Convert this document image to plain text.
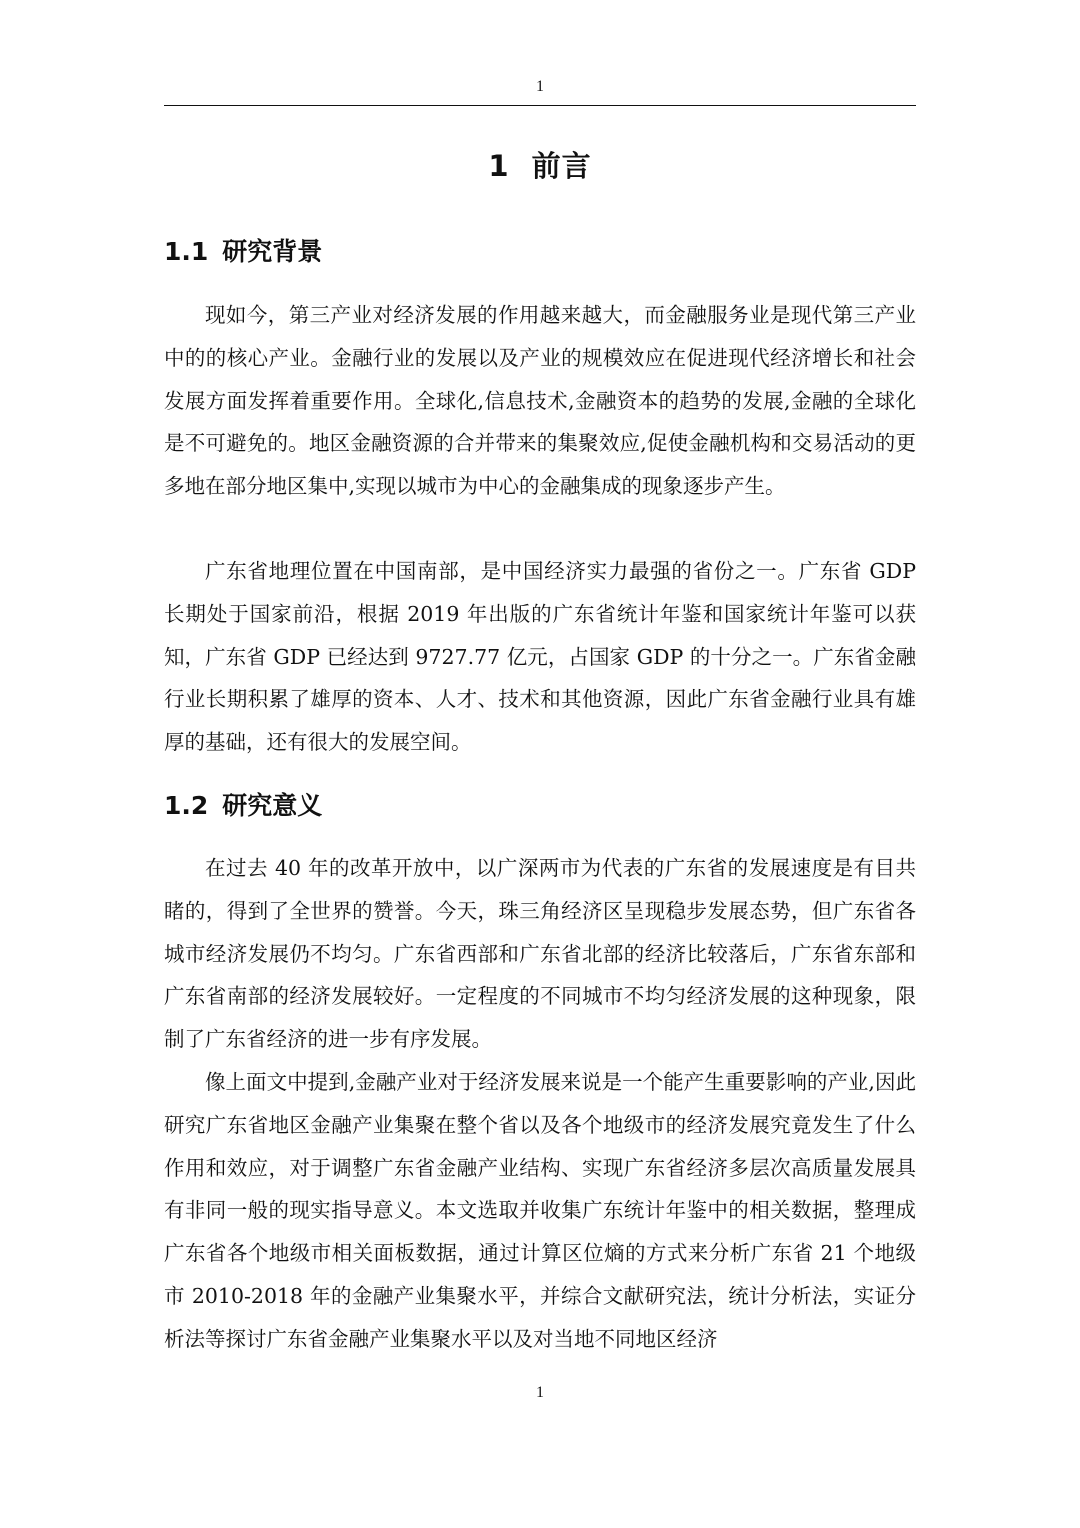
1
1 前言
1.1 研究背景

现如今，第三产业对经济发展的作用越来越大，而金融服务业是现代第三产业中的的核心产业。金融行业的发展以及产业的规模效应在促进现代经济增长和社会发展方面发挥着重要作用。全球化,信息技术,金融资本的趋势的发展,金融的全球化是不可避免的。地区金融资源的合并带来的集聚效应,促使金融机构和交易活动的更多地在部分地区集中,实现以城市为中心的金融集成的现象逐步产生。

广东省地理位置在中国南部，是中国经济实力最强的省份之一。广东省 GDP 长期处于国家前沿，根据 2019 年出版的广东省统计年鉴和国家统计年鉴可以获知，广东省 GDP 已经达到 9727.77 亿元，占国家 GDP 的十分之一。广东省金融行业长期积累了雄厚的资本、人才、技术和其他资源，因此广东省金融行业具有雄厚的基础，还有很大的发展空间。

1.2 研究意义

在过去 40 年的改革开放中，以广深两市为代表的广东省的发展速度是有目共睹的，得到了全世界的赞誉。今天，珠三角经济区呈现稳步发展态势，但广东省各城市经济发展仍不均匀。广东省西部和广东省北部的经济比较落后，广东省东部和广东省南部的经济发展较好。一定程度的不同城市不均匀经济发展的这种现象，限制了广东省经济的进一步有序发展。

像上面文中提到,金融产业对于经济发展来说是一个能产生重要影响的产业,因此研究广东省地区金融产业集聚在整个省以及各个地级市的经济发展究竟发生了什么作用和效应，对于调整广东省金融产业结构、实现广东省经济多层次高质量发展具有非同一般的现实指导意义。本文选取并收集广东统计年鉴中的相关数据，整理成广东省各个地级市相关面板数据，通过计算区位熵的方式来分析广东省 21 个地级市 2010-2018 年的金融产业集聚水平，并综合文献研究法，统计分析法，实证分析法等探讨广东省金融产业集聚水平以及对当地不同地区经济

1
